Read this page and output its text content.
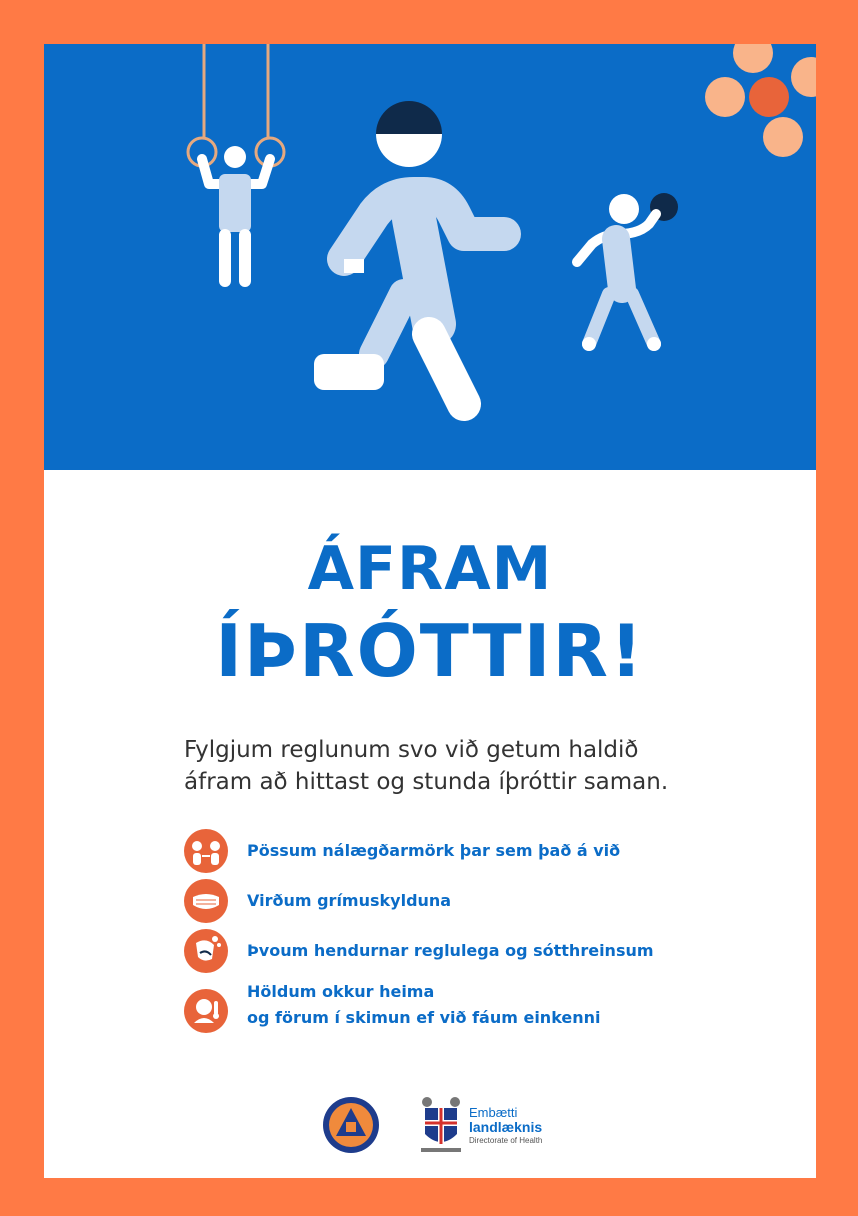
ÁFRAM
ÍÞRÓTTIR!

Fylgjum reglunum svo við getum haldið
áfram að hittast og stunda íþróttir saman.

Pössum nálægðarmörk þar sem það á við
Virðum grímuskylduna
Þvoum hendurnar reglulega og sótthreinsum
Höldum okkur heima
og förum í skimun ef við fáum einkenni
Embætti
landlæknis
Directorate of Health
